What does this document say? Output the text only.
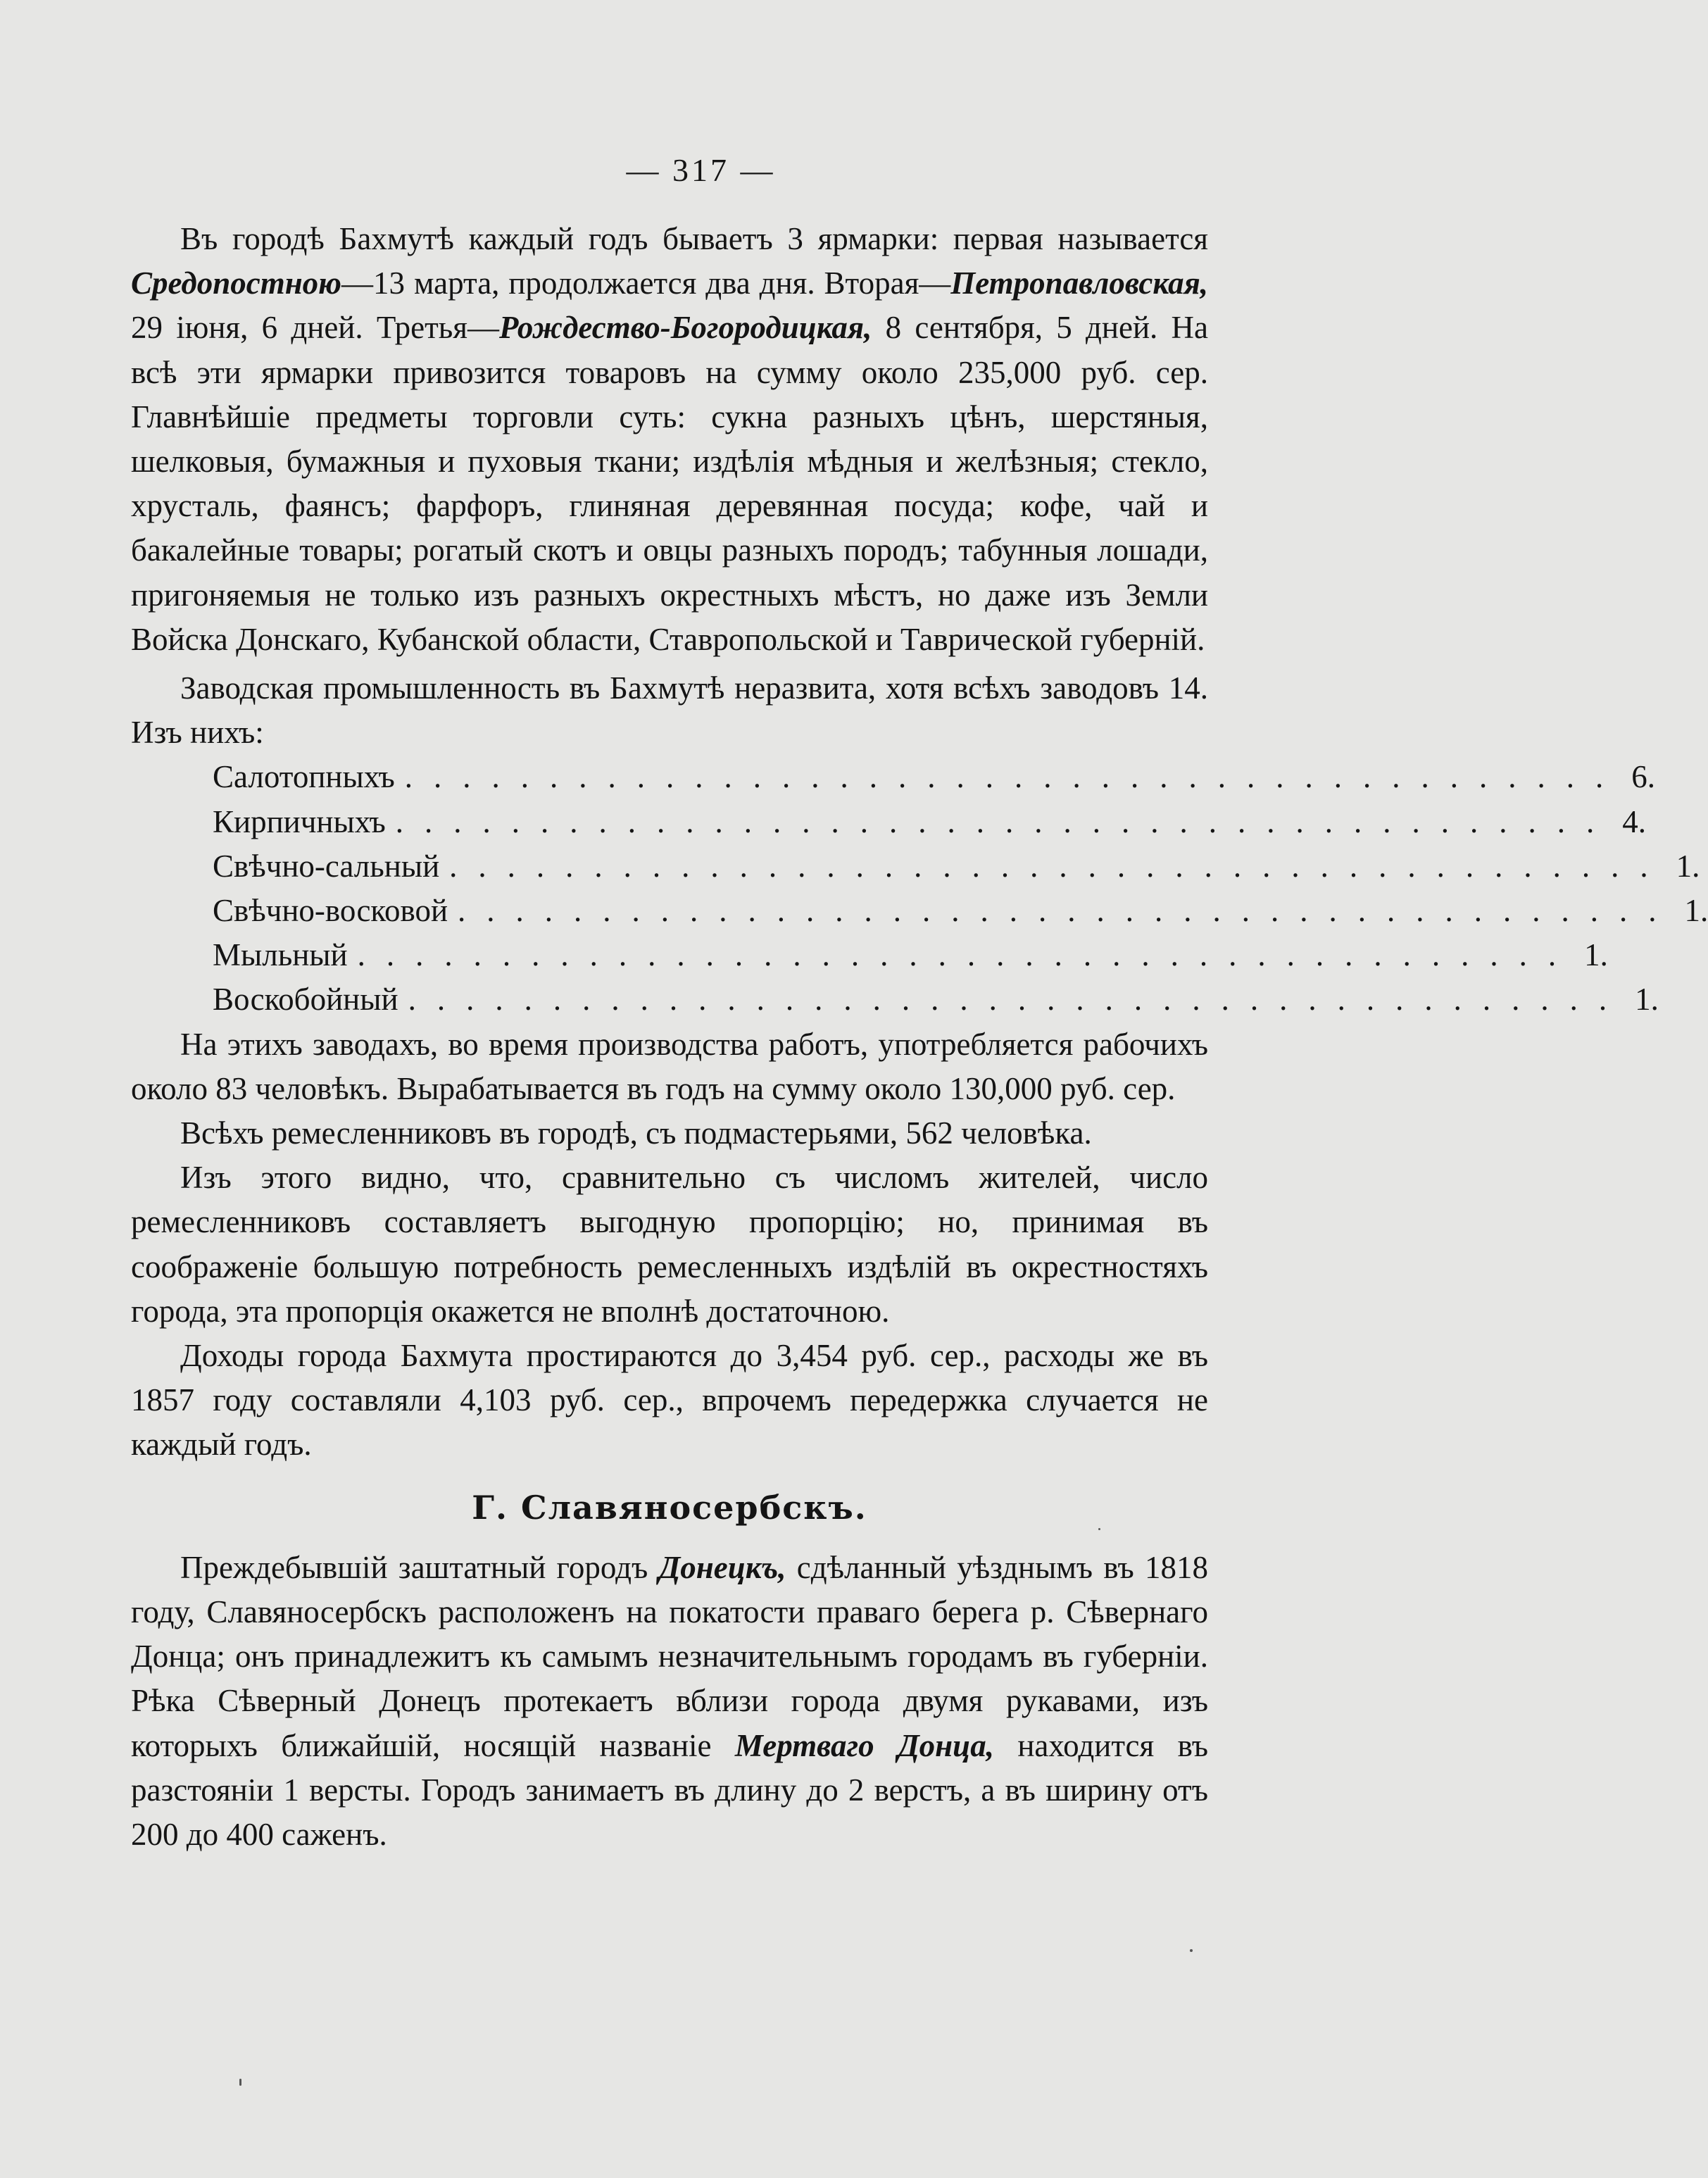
— 317 —

Въ городѣ Бахмутѣ каждый годъ бываетъ 3 ярмарки: первая называется Средопостною—13 марта, продолжается два дня. Вторая—Петропавловская, 29 іюня, 6 дней. Третья—Рождество-Богородицкая, 8 сентября, 5 дней. На всѣ эти ярмарки привозится товаровъ на сумму около 235,000 руб. сер. Главнѣйшіе предметы торговли суть: сукна разныхъ цѣнъ, шерстяныя, шелковыя, бумажныя и пуховыя ткани; издѣлія мѣдныя и желѣзныя; стекло, хрусталь, фаянсъ; фарфоръ, глиняная деревянная посуда; кофе, чай и бакалейные товары; рогатый скотъ и овцы разныхъ породъ; табунныя лошади, пригоняемыя не только изъ разныхъ окрестныхъ мѣстъ, но даже изъ Земли Войска Донскаго, Кубанской области, Ставропольской и Таврической губерній.

Заводская промышленность въ Бахмутѣ неразвита, хотя всѣхъ заводовъ 14. Изъ нихъ:

Салотопныхъ .......................................... 6.
Кирпичныхъ .......................................... 4.
Свѣчно-сальный .......................................... 1.
Свѣчно-восковой .......................................... 1.
Мыльный .......................................... 1.
Воскобойный .......................................... 1.

На этихъ заводахъ, во время производства работъ, употребляется рабочихъ около 83 человѣкъ. Вырабатывается въ годъ на сумму около 130,000 руб. сер.

Всѣхъ ремесленниковъ въ городѣ, съ подмастерьями, 562 человѣка.

Изъ этого видно, что, сравнительно съ числомъ жителей, число ремесленниковъ составляетъ выгодную пропорцію; но, принимая въ соображеніе большую потребность ремесленныхъ издѣлій въ окрестностяхъ города, эта пропорція окажется не вполнѣ достаточною.

Доходы города Бахмута простираются до 3,454 руб. сер., расходы же въ 1857 году составляли 4,103 руб. сер., впрочемъ передержка случается не каждый годъ.

Г. Славяносербскъ.

Преждебывшій заштатный городъ Донецкъ, сдѣланный уѣзднымъ въ 1818 году, Славяносербскъ расположенъ на покатости праваго берега р. Сѣвернаго Донца; онъ принадлежитъ къ самымъ незначительнымъ городамъ въ губерніи. Рѣка Сѣверный Донецъ протекаетъ вблизи города двумя рукавами, изъ которыхъ ближайшій, носящій названіе Мертваго Донца, находится въ разстояніи 1 версты. Городъ занимаетъ въ длину до 2 верстъ, а въ ширину отъ 200 до 400 саженъ.
